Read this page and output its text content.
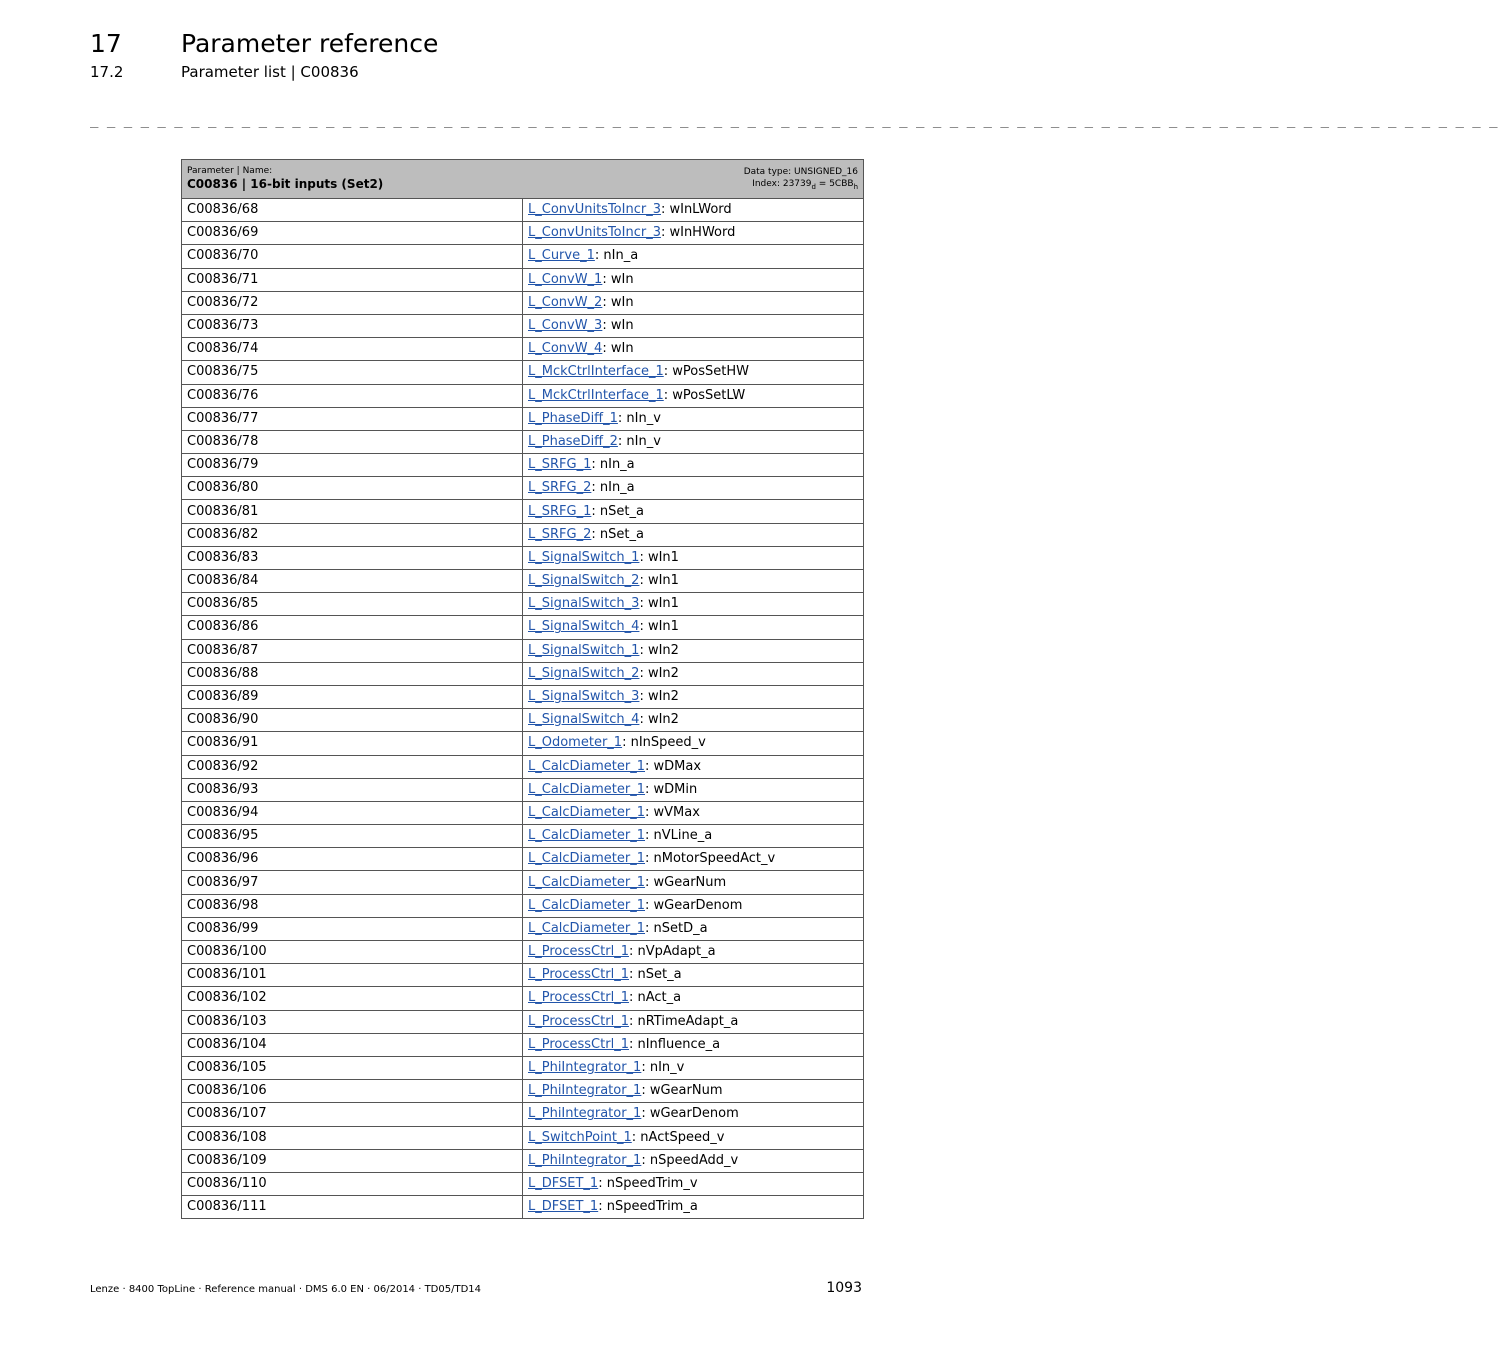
17 Parameter reference
17.2	Parameter list | C00836
_ _ _ _ _ _ _ _ _ _ _ _ _ _ _ _ _ _ _ _ _ _ _ _ _ _ _ _ _ _ _ _ _ _ _ _ _ _ _ _ _ _ _ _ _ _ _ _ _ _ _ _ _ _ _ _ _ _ _ _ _ _ _ _ _ _ _ _ _ _ _ _ _ _ _ _ _ _ _ _ _ _ _ _
Parameter | Name:
C00836 | 16-bit inputs (Set2)
Data type: UNSIGNED_16
Index: $23739_d = 5CBB_h$

C00836/68	L_ConvUnitsToIncr_3: wInLWord
C00836/69	L_ConvUnitsToIncr_3: wInHWord
C00836/70	L_Curve_1: nIn_a
C00836/71	L_ConvW_1: wIn
C00836/72	L_ConvW_2: wIn
C00836/73	L_ConvW_3: wIn
C00836/74	L_ConvW_4: wIn
C00836/75	L_MckCtrlInterface_1: wPosSetHW
C00836/76	L_MckCtrlInterface_1: wPosSetLW
C00836/77	L_PhaseDiff_1: nIn_v
C00836/78	L_PhaseDiff_2: nIn_v
C00836/79	L_SRFG_1: nIn_a
C00836/80	L_SRFG_2: nIn_a
C00836/81	L_SRFG_1: nSet_a
C00836/82	L_SRFG_2: nSet_a
C00836/83	L_SignalSwitch_1: wIn1
C00836/84	L_SignalSwitch_2: wIn1
C00836/85	L_SignalSwitch_3: wIn1
C00836/86	L_SignalSwitch_4: wIn1
C00836/87	L_SignalSwitch_1: wIn2
C00836/88	L_SignalSwitch_2: wIn2
C00836/89	L_SignalSwitch_3: wIn2
C00836/90	L_SignalSwitch_4: wIn2
C00836/91	L_Odometer_1: nInSpeed_v
C00836/92	L_CalcDiameter_1: wDMax
C00836/93	L_CalcDiameter_1: wDMin
C00836/94	L_CalcDiameter_1: wVMax
C00836/95	L_CalcDiameter_1: nVLine_a
C00836/96	L_CalcDiameter_1: nMotorSpeedAct_v
C00836/97	L_CalcDiameter_1: wGearNum
C00836/98	L_CalcDiameter_1: wGearDenom
C00836/99	L_CalcDiameter_1: nSetD_a
C00836/100	L_ProcessCtrl_1: nVpAdapt_a
C00836/101	L_ProcessCtrl_1: nSet_a
C00836/102	L_ProcessCtrl_1: nAct_a
C00836/103	L_ProcessCtrl_1: nRTimeAdapt_a
C00836/104	L_ProcessCtrl_1: nInfluence_a
C00836/105	L_PhiIntegrator_1: nIn_v
C00836/106	L_PhiIntegrator_1: wGearNum
C00836/107	L_PhiIntegrator_1: wGearDenom
C00836/108	L_SwitchPoint_1: nActSpeed_v
C00836/109	L_PhiIntegrator_1: nSpeedAdd_v
C00836/110	L_DFSET_1: nSpeedTrim_v
C00836/111	L_DFSET_1: nSpeedTrim_a
Lenze · 8400 TopLine · Reference manual · DMS 6.0 EN · 06/2014 · TD05/TD14	1093
